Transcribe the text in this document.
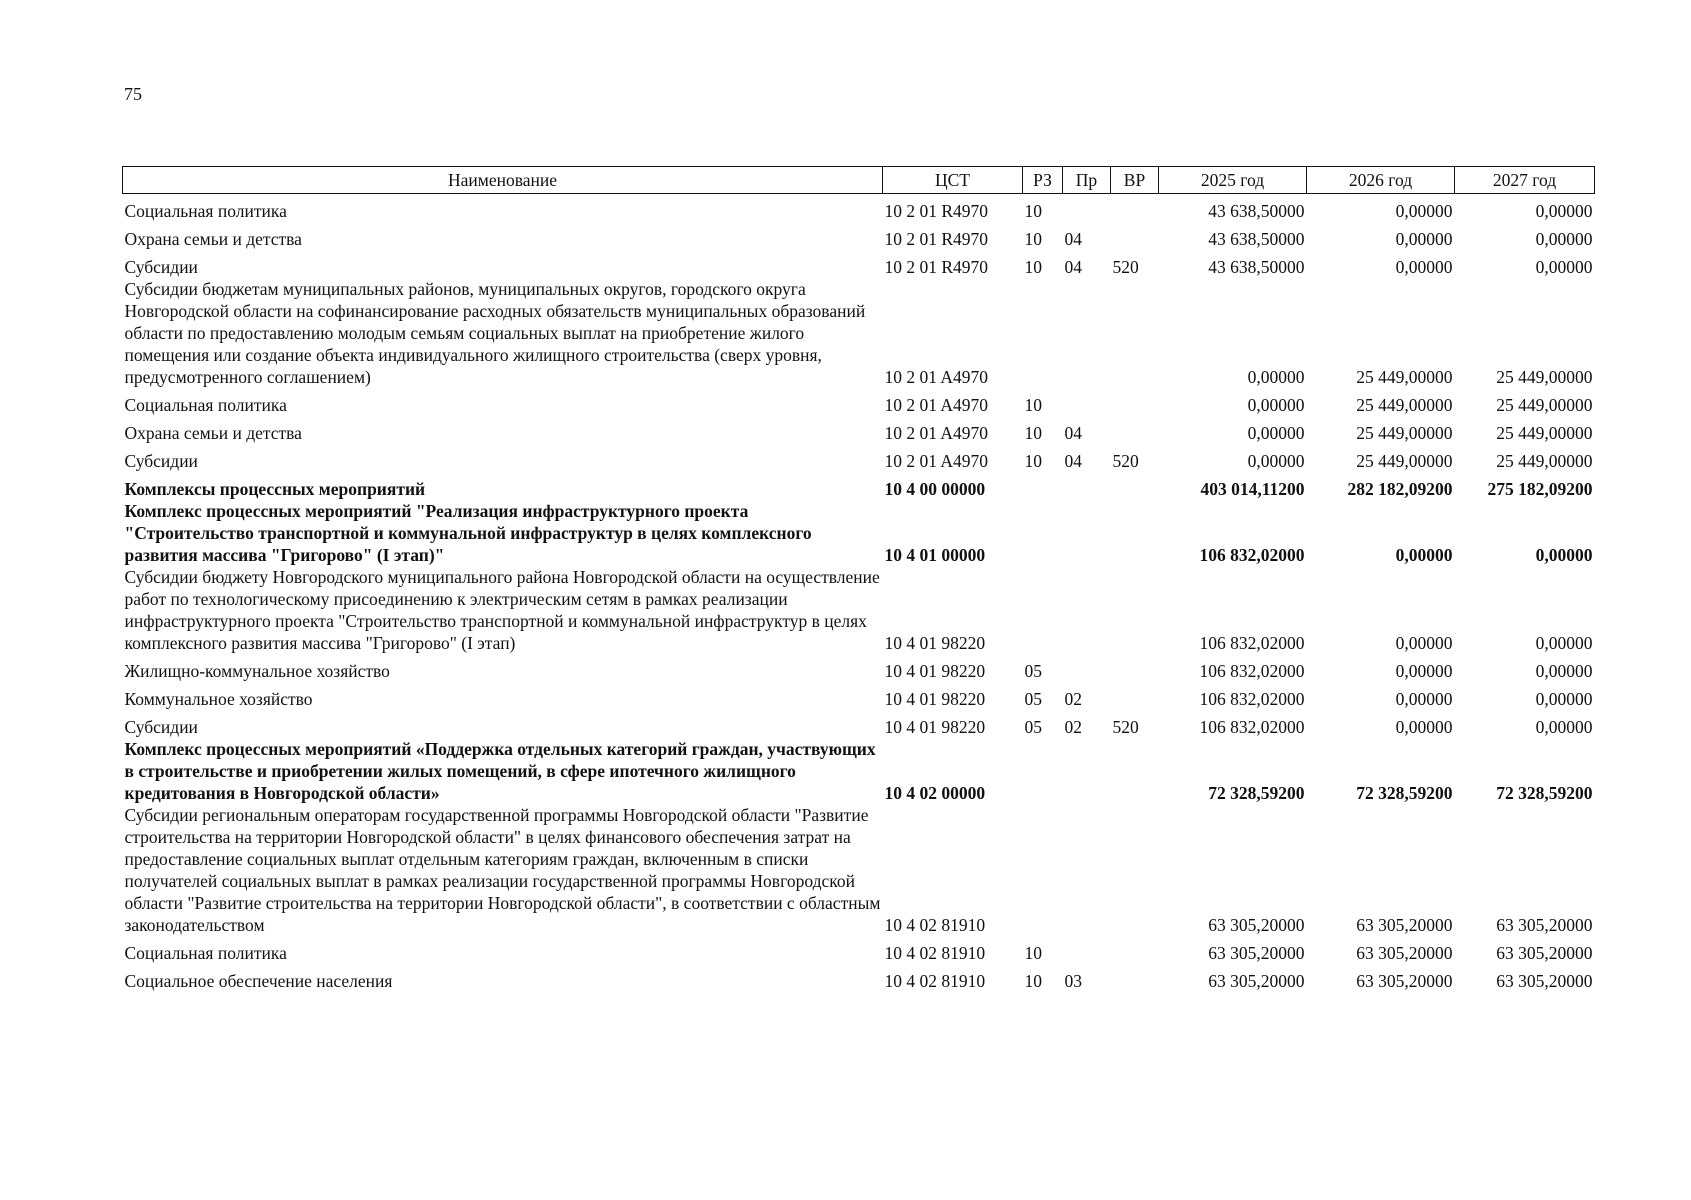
75
Наименование	ЦСТ	РЗ	Пр	ВР	2025 год	2026 год	2027 год
Социальная политика	10 2 01 R4970	10			43 638,50000	0,00000	0,00000
Охрана семьи и детства	10 2 01 R4970	10	04		43 638,50000	0,00000	0,00000
Субсидии	10 2 01 R4970	10	04	520	43 638,50000	0,00000	0,00000
Субсидии бюджетам муниципальных районов, муниципальных округов, городского округа Новгородской области на софинансирование расходных обязательств муниципальных образований области по предоставлению молодым семьям социальных выплат на приобретение жилого помещения или создание объекта индивидуального жилищного строительства (сверх уровня, предусмотренного соглашением)	10 2 01 A4970				0,00000	25 449,00000	25 449,00000
Социальная политика	10 2 01 A4970	10			0,00000	25 449,00000	25 449,00000
Охрана семьи и детства	10 2 01 A4970	10	04		0,00000	25 449,00000	25 449,00000
Субсидии	10 2 01 A4970	10	04	520	0,00000	25 449,00000	25 449,00000
Комплексы процессных мероприятий	10 4 00 00000				403 014,11200	282 182,09200	275 182,09200
Комплекс процессных мероприятий "Реализация инфраструктурного проекта "Строительство транспортной и коммунальной инфраструктур в целях комплексного развития массива "Григорово" (I этап)"	10 4 01 00000				106 832,02000	0,00000	0,00000
Субсидии бюджету Новгородского муниципального района Новгородской области на осуществление работ по технологическому присоединению к электрическим сетям в рамках реализации инфраструктурного проекта "Строительство транспортной и коммунальной инфраструктур в целях комплексного развития массива "Григорово" (I этап)	10 4 01 98220				106 832,02000	0,00000	0,00000
Жилищно-коммунальное хозяйство	10 4 01 98220	05			106 832,02000	0,00000	0,00000
Коммунальное хозяйство	10 4 01 98220	05	02		106 832,02000	0,00000	0,00000
Субсидии	10 4 01 98220	05	02	520	106 832,02000	0,00000	0,00000
Комплекс процессных мероприятий «Поддержка отдельных категорий граждан, участвующих в строительстве и приобретении жилых помещений, в сфере ипотечного жилищного кредитования в Новгородской области»	10 4 02 00000				72 328,59200	72 328,59200	72 328,59200
Субсидии региональным операторам государственной программы Новгородской области "Развитие строительства на территории Новгородской области" в целях финансового обеспечения затрат на предоставление социальных выплат отдельным категориям граждан, включенным в списки получателей социальных выплат в рамках реализации государственной программы Новгородской области "Развитие строительства на территории Новгородской области", в соответствии с областным законодательством	10 4 02 81910				63 305,20000	63 305,20000	63 305,20000
Социальная политика	10 4 02 81910	10			63 305,20000	63 305,20000	63 305,20000
Социальное обеспечение населения	10 4 02 81910	10	03		63 305,20000	63 305,20000	63 305,20000
